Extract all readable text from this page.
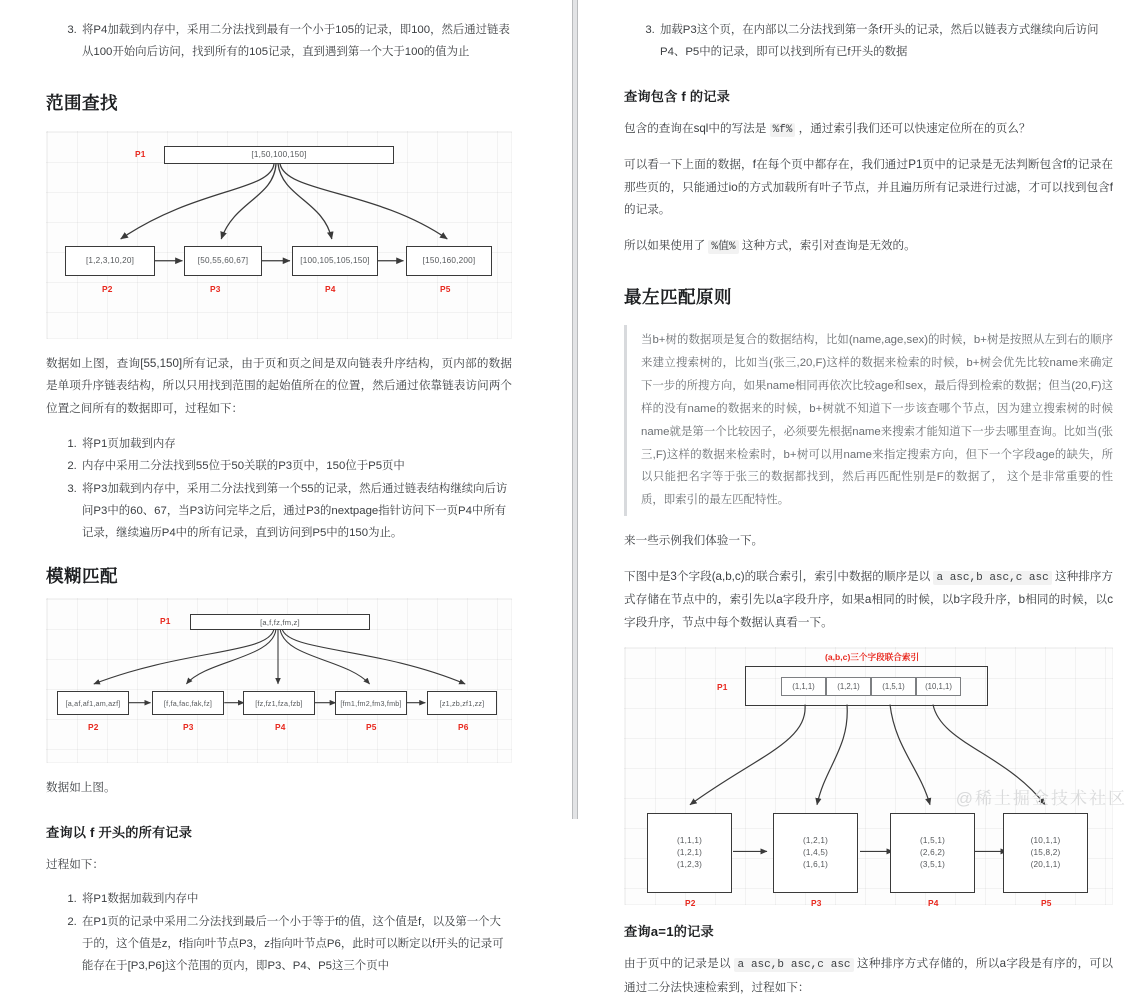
3. 将P4加载到内存中，采用二分法找到最有一个小于105的记录，即100，然后通过链表从100开始向后访问，找到所有的105记录，直到遇到第一个大于100的值为止
范围查找
[1,50,100,150]
P1
[1,2,3,10,20]
P2
[50,55,60,67]
P3
[100,105,105,150]
P4
[150,160,200]
P5

数据如上图，查询[55,150]所有记录，由于页和页之间是双向链表升序结构，页内部的数据是单项升序链表结构，所以只用找到范围的起始值所在的位置，然后通过依靠链表访问两个位置之间所有的数据即可，过程如下：

1. 将P1页加载到内存
2. 内存中采用二分法找到55位于50关联的P3页中，150位于P5页中
3. 将P3加载到内存中，采用二分法找到第一个55的记录，然后通过链表结构继续向后访问P3中的60、67，当P3访问完毕之后，通过P3的nextpage指针访问下一页P4中所有记录，继续遍历P4中的所有记录，直到访问到P5中的150为止。
模糊匹配
[a,f,fz,fm,z]
P1
[a,af,af1,am,azf]
P2
[f,fa,fac,fak,fz]
P3
[fz,fz1,fza,fzb]
P4
[fm1,fm2,fm3,fmb]
P5
[z1,zb,zf1,zz]
P6

数据如上图。

查询以 f 开头的所有记录

过程如下：

1. 将P1数据加载到内存中
2. 在P1页的记录中采用二分法找到最后一个小于等于f的值，这个值是f，以及第一个大于的，这个值是z，f指向叶节点P3，z指向叶节点P6，此时可以断定以f开头的记录可能存在于[P3,P6]这个范围的页内，即P3、P4、P5这三个页中
3. 加载P3这个页，在内部以二分法找到第一条f开头的记录，然后以链表方式继续向后访问P4、P5中的记录，即可以找到所有已f开头的数据
查询包含 f 的记录

包含的查询在sql中的写法是 %f% ，通过索引我们还可以快速定位所在的页么？

可以看一下上面的数据，f在每个页中都存在，我们通过P1页中的记录是无法判断包含f的记录在那些页的，只能通过io的方式加载所有叶子节点，并且遍历所有记录进行过滤，才可以找到包含f的记录。

所以如果使用了 %值% 这种方式，索引对查询是无效的。

最左匹配原则
当b+树的数据项是复合的数据结构，比如(name,age,sex)的时候，b+树是按照从左到右的顺序来建立搜索树的，比如当(张三,20,F)这样的数据来检索的时候，b+树会优先比较name来确定下一步的所搜方向，如果name相同再依次比较age和sex，最后得到检索的数据；但当(20,F)这样的没有name的数据来的时候，b+树就不知道下一步该查哪个节点，因为建立搜索树的时候name就是第一个比较因子，必须要先根据name来搜索才能知道下一步去哪里查询。比如当(张三,F)这样的数据来检索时，b+树可以用name来指定搜索方向，但下一个字段age的缺失，所以只能把名字等于张三的数据都找到，然后再匹配性别是F的数据了， 这个是非常重要的性质，即索引的最左匹配特性。

来一些示例我们体验一下。

下图中是3个字段(a,b,c)的联合索引，索引中数据的顺序是以 a asc,b asc,c asc 这种排序方式存储在节点中的，索引先以a字段升序，如果a相同的时候，以b字段升序，b相同的时候，以c字段升序，节点中每个数据认真看一下。

(a,b,c)三个字段联合索引
P1	(1,1,1)	(1,2,1)	(1,5,1)	(10,1,1)
(1,1,1)
(1,2,1)
(1,2,3)
P2
(1,2,1)
(1,4,5)
(1,6,1)
P3
(1,5,1)
(2,6,2)
(3,5,1)
P4
(10,1,1)
(15,8,2)
(20,1,1)
P5
查询a=1的记录

由于页中的记录是以 a asc,b asc,c asc 这种排序方式存储的，所以a字段是有序的，可以通过二分法快速检索到，过程如下：

@稀土掘金技术社区
